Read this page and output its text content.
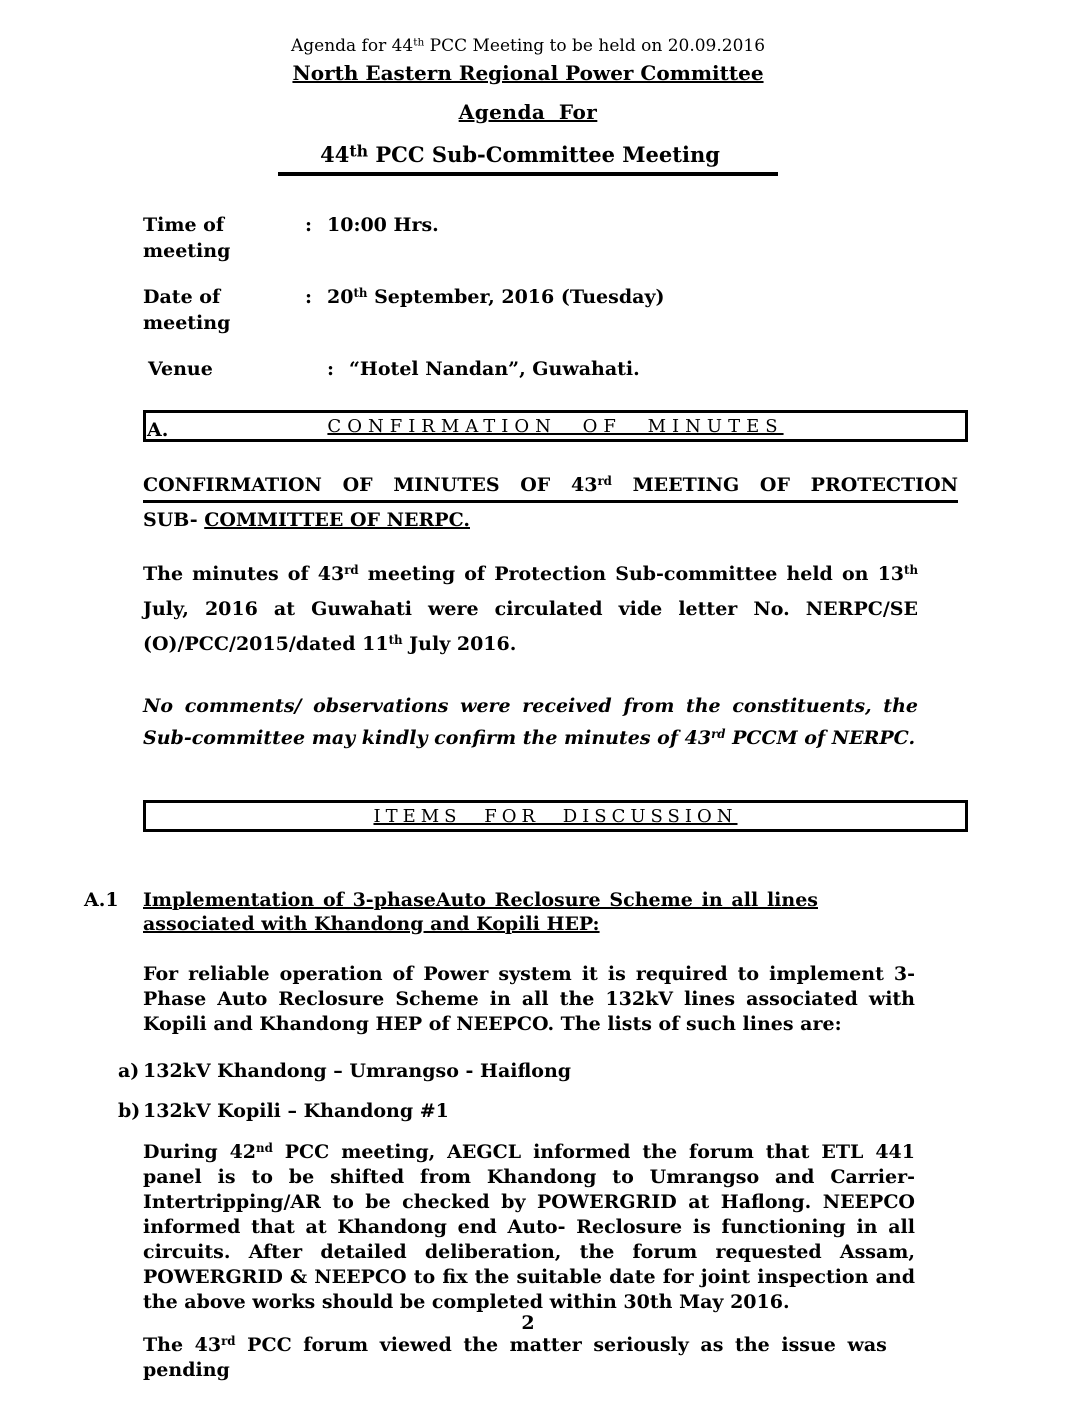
Agenda for 44th PCC Meeting to be held on 20.09.2016
North Eastern Regional Power Committee
Agenda For
44th PCC Sub-Committee Meeting
Time of meeting
: 10:00 Hrs.
Date of meeting
: 20th September, 2016 (Tuesday)
Venue	: “Hotel Nandan”, Guwahati.
A.	CONFIRMATION OF MINUTES
CONFIRMATION OF MINUTES OF 43rd MEETING OF PROTECTION
SUB- COMMITTEE OF NERPC.

The minutes of 43rd meeting of Protection Sub-committee held on 13th July, 2016 at Guwahati were circulated vide letter No. NERPC/SE (O)/PCC/2015/dated 11th July 2016.

No comments/ observations were received from the constituents, the Sub-committee may kindly confirm the minutes of 43rd PCCM of NERPC.

ITEMS FOR DISCUSSION
A.1	Implementation of 3-phaseAuto Reclosure Scheme in all lines
associated with Khandong and Kopili HEP:

For reliable operation of Power system it is required to implement 3-Phase Auto Reclosure Scheme in all the 132kV lines associated with Kopili and Khandong HEP of NEEPCO. The lists of such lines are:

a) 132kV Khandong – Umrangso - Haiflong
b) 132kV Kopili – Khandong #1

During 42nd PCC meeting, AEGCL informed the forum that ETL 441 panel is to be shifted from Khandong to Umrangso and Carrier-Intertripping/AR to be checked by POWERGRID at Haflong. NEEPCO informed that at Khandong end Auto- Reclosure is functioning in all circuits. After detailed deliberation, the forum requested Assam, POWERGRID & NEEPCO to fix the suitable date for joint inspection and the above works should be completed within 30th May 2016.

The 43rd PCC forum viewed the matter seriously as the issue was pending

2
